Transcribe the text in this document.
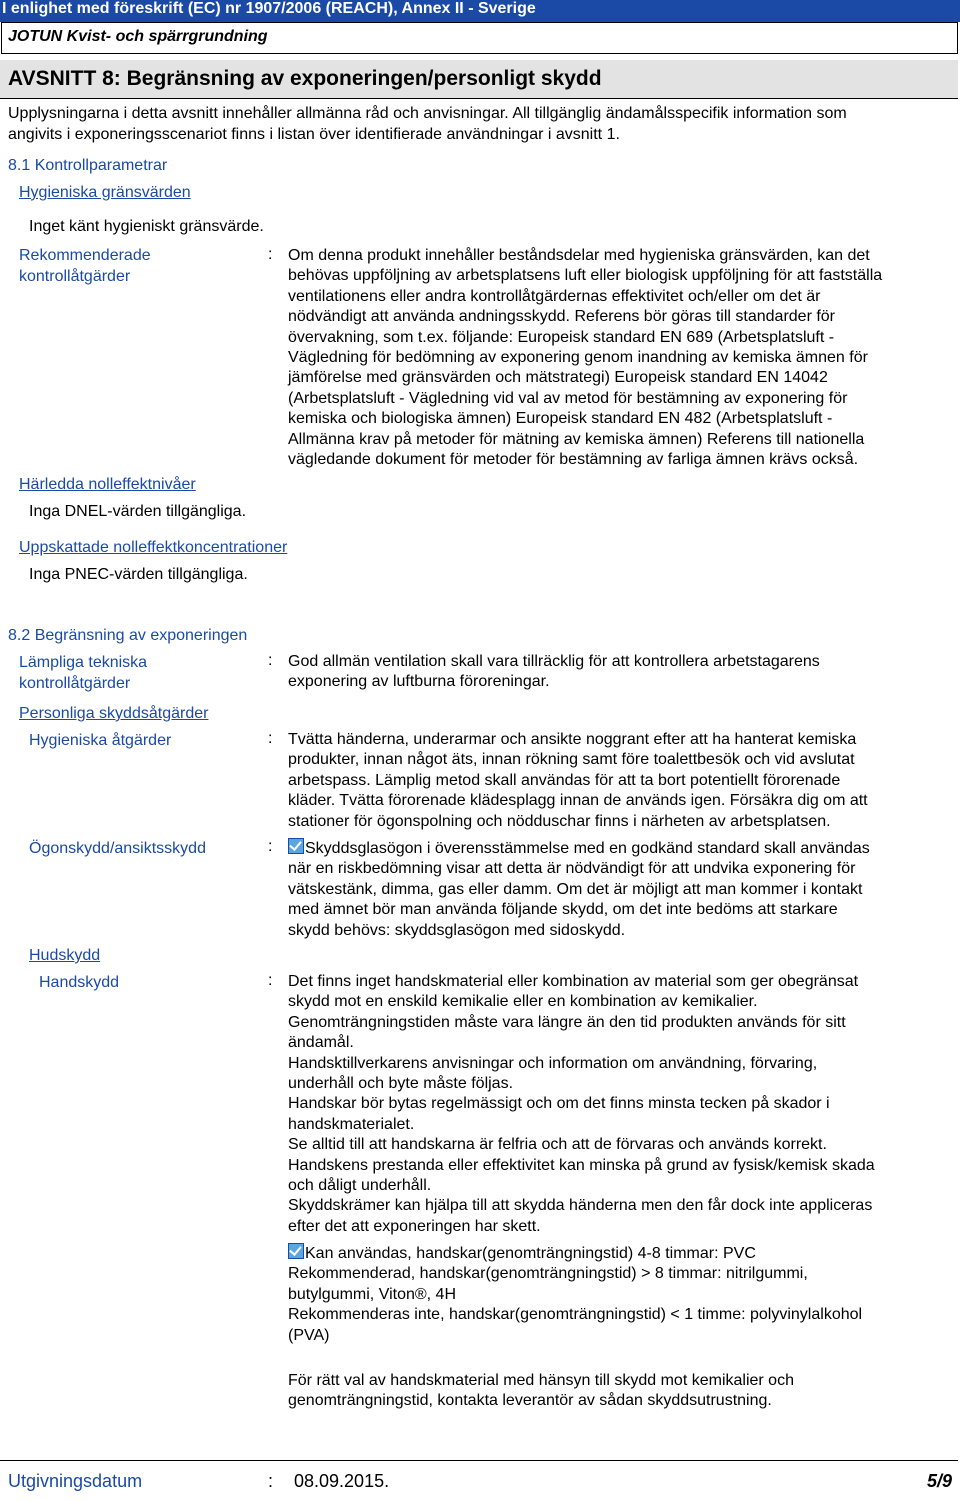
I enlighet med föreskrift (EC) nr 1907/2006 (REACH), Annex II - Sverige
JOTUN Kvist- och spärrgrundning
AVSNITT 8: Begränsning av exponeringen/personligt skydd
Upplysningarna i detta avsnitt innehåller allmänna råd och anvisningar. All tillgänglig ändamålsspecifik information som
angivits i exponeringsscenariot finns i listan över identifierade användningar i avsnitt 1.
8.1 Kontrollparametrar
Hygieniska gränsvärden
Inget känt hygieniskt gränsvärde.
Rekommenderade
kontrollåtgärder
: Om denna produkt innehåller beståndsdelar med hygieniska gränsvärden, kan det

behövas uppföljning av arbetsplatsens luft eller biologisk uppföljning för att fastställa

ventilationens eller andra kontrollåtgärdernas effektivitet och/eller om det är

nödvändigt att använda andningsskydd. Referens bör göras till standarder för

övervakning, som t.ex. följande: Europeisk standard EN 689 (Arbetsplatsluft -

Vägledning för bedömning av exponering genom inandning av kemiska ämnen för

jämförelse med gränsvärden och mätstrategi) Europeisk standard EN 14042

(Arbetsplatsluft - Vägledning vid val av metod för bestämning av exponering för

kemiska och biologiska ämnen) Europeisk standard EN 482 (Arbetsplatsluft -

Allmänna krav på metoder för mätning av kemiska ämnen) Referens till nationella

vägledande dokument för metoder för bestämning av farliga ämnen krävs också.

Härledda nolleffektnivåer
Inga DNEL-värden tillgängliga.
Uppskattade nolleffektkoncentrationer
Inga PNEC-värden tillgängliga.
8.2 Begränsning av exponeringen
Lämpliga tekniska
kontrollåtgärder
: God allmän ventilation skall vara tillräcklig för att kontrollera arbetstagarens

exponering av luftburna föroreningar.

Personliga skyddsåtgärder
Hygieniska åtgärder	: Tvätta händerna, underarmar och ansikte noggrant efter att ha hanterat kemiska

produkter, innan något äts, innan rökning samt före toalettbesök och vid avslutat

arbetspass. Lämplig metod skall användas för att ta bort potentiellt förorenade

kläder. Tvätta förorenade klädesplagg innan de används igen. Försäkra dig om att

stationer för ögonspolning och nödduschar finns i närheten av arbetsplatsen.

Ögonskydd/ansiktsskydd	:	Skyddsglasögon i överensstämmelse med en godkänd standard skall användas

när en riskbedömning visar att detta är nödvändigt för att undvika exponering för

vätskestänk, dimma, gas eller damm. Om det är möjligt att man kommer i kontakt

med ämnet bör man använda följande skydd, om det inte bedöms att starkare

skydd behövs: skyddsglasögon med sidoskydd.

Hudskydd
Handskydd	: Det finns inget handskmaterial eller kombination av material som ger obegränsat

skydd mot en enskild kemikalie eller en kombination av kemikalier.

Genomträngningstiden måste vara längre än den tid produkten används för sitt

ändamål.

Handsktillverkarens anvisningar och information om användning, förvaring,

underhåll och byte måste följas.

Handskar bör bytas regelmässigt och om det finns minsta tecken på skador i

handskmaterialet.

Se alltid till att handskarna är felfria och att de förvaras och används korrekt.

Handskens prestanda eller effektivitet kan minska på grund av fysisk/kemisk skada

och dåligt underhåll.

Skyddskrämer kan hjälpa till att skydda händerna men den får dock inte appliceras

efter det att exponeringen har skett.

Kan användas, handskar(genomträngningstid) 4-8 timmar: PVC

Rekommenderad, handskar(genomträngningstid) > 8 timmar: nitrilgummi,

butylgummi, Viton®, 4H

Rekommenderas inte, handskar(genomträngningstid) < 1 timme: polyvinylalkohol

(PVA)

För rätt val av handskmaterial med hänsyn till skydd mot kemikalier och

genomträngningstid, kontakta leverantör av sådan skyddsutrustning.

Utgivningsdatum	: 08.09.2015.	5/9
